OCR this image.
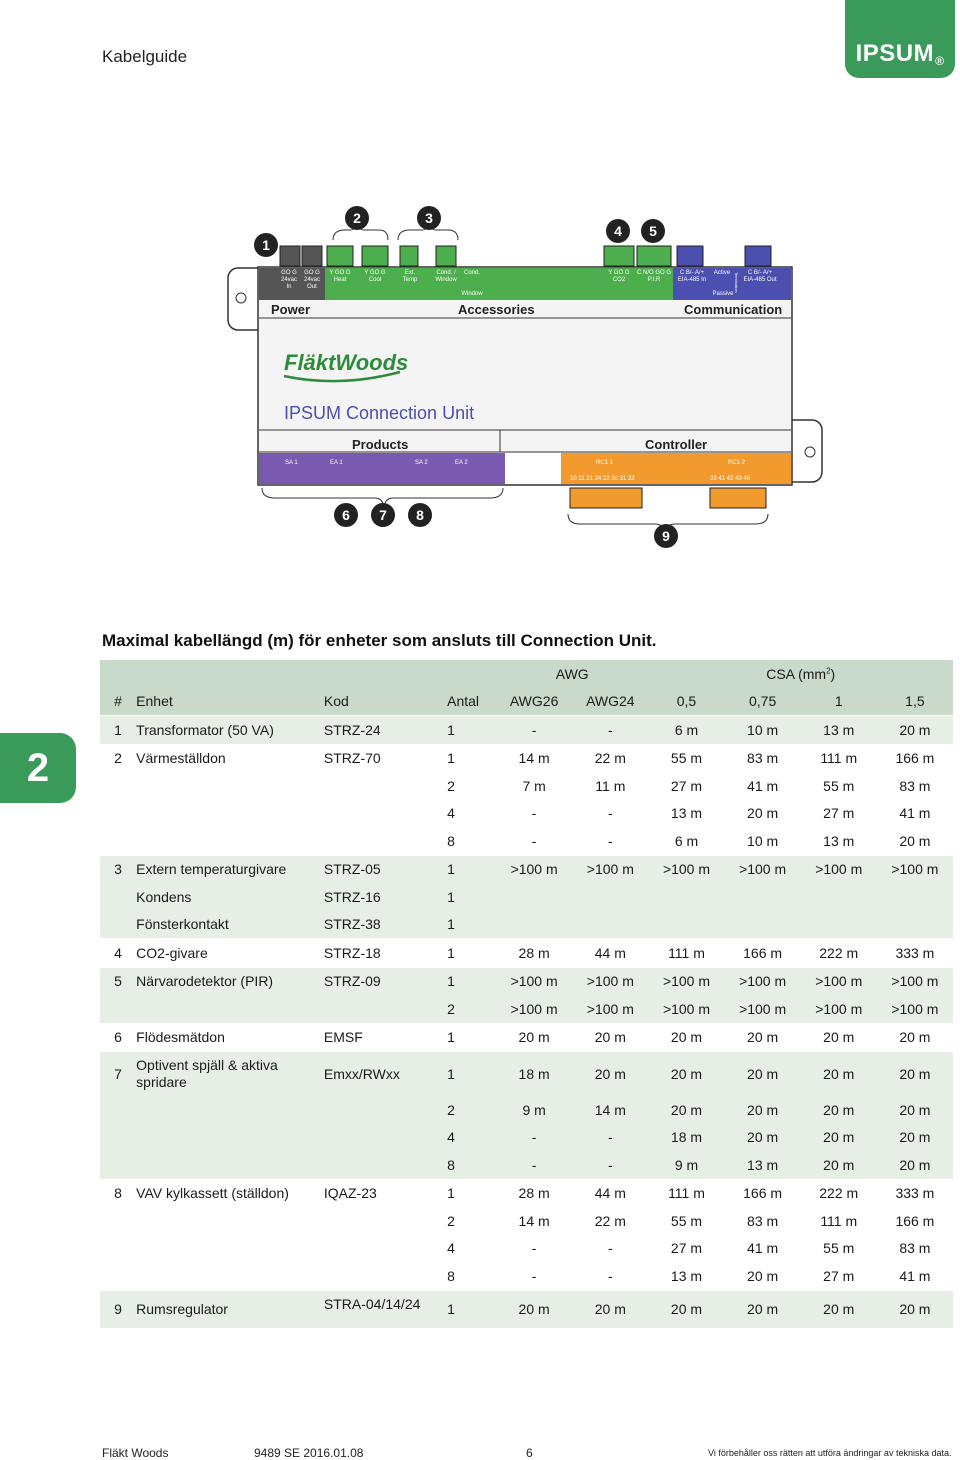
Kabelguide	$IPSUM_®$
1
2	3
4	5
6	7	8
9
GO G
24vac
In
GO G
24vac
Out
Y GO G
Heat
Y GO G
Cool
Ext.
Temp
Cond. /
Window
Cond.
Window
Y GO G
CO2
C N/O GO G
P.I.R
C B/- A/+
EIA-485 In
Active
Passive
Termination	C B/- A/+
EIA-485 Out
Power	Accessories	Communication
Products	Controller
FläktWoods
IPSUM Connection Unit
SA 1	EA 1	SA 2	EA 2	RC1 1	RC1 2
10 11 21 24 22 30 31 32	33 41 42 43 46
Maximal kabellängd (m) för enheter som ansluts till Connection Unit.
2
				AWG		CSA $(mm^2)$			
#	Enhet	Kod	Antal	AWG26	AWG24	0,5	0,75	1	1,5
1	Transformator (50 VA)	STRZ-24	1	-	-	6 m	10 m	13 m	20 m
2	Värmeställdon	STRZ-70	1	14 m	22 m	55 m	83 m	111 m	166 m
			2	7 m	11 m	27 m	41 m	55 m	83 m
			4	-	-	13 m	20 m	27 m	41 m
			8	-	-	6 m	10 m	13 m	20 m
3	Extern temperaturgivare	STRZ-05	1	>100 m	>100 m	>100 m	>100 m	>100 m	>100 m
	Kondens	STRZ-16	1						
	Fönsterkontakt	STRZ-38	1						
4	CO2-givare	STRZ-18	1	28 m	44 m	111 m	166 m	222 m	333 m
5	Närvarodetektor (PIR)	STRZ-09	1	>100 m	>100 m	>100 m	>100 m	>100 m	>100 m
			2	>100 m	>100 m	>100 m	>100 m	>100 m	>100 m
6	Flödesmätdon	EMSF	1	20 m	20 m	20 m	20 m	20 m	20 m
7	Optivent spjäll & aktiva spridare	Emxx/RWxx	1	18 m	20 m	20 m	20 m	20 m	20 m
			2	9 m	14 m	20 m	20 m	20 m	20 m
			4	-	-	18 m	20 m	20 m	20 m
			8	-	-	9 m	13 m	20 m	20 m
8	VAV kylkassett (ställdon)	IQAZ-23	1	28 m	44 m	111 m	166 m	222 m	333 m
			2	14 m	22 m	55 m	83 m	111 m	166 m
			4	-	-	27 m	41 m	55 m	83 m
			8	-	-	13 m	20 m	27 m	41 m
9	Rumsregulator	STRA-04/14/24	1	20 m	20 m	20 m	20 m	20 m	20 m
Fläkt Woods	9489 SE 2016.01.08	6	Vi förbehåller oss rätten att utföra ändringar av tekniska data.
